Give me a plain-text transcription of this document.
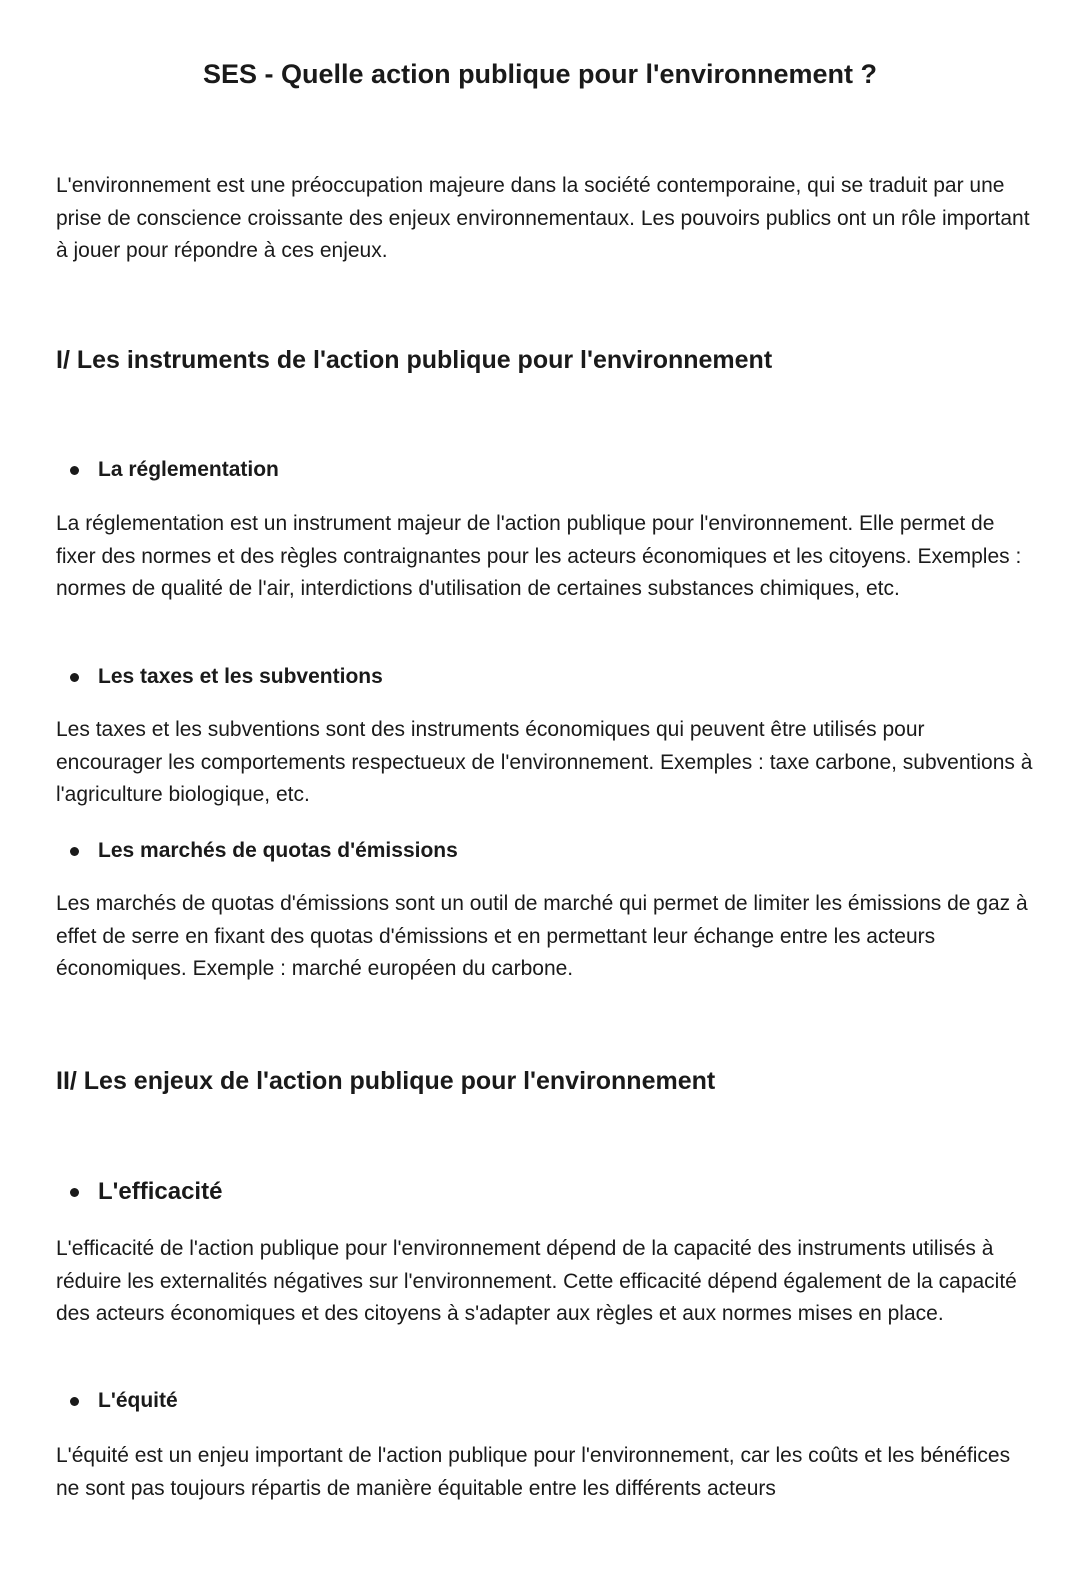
SES - Quelle action publique pour l'environnement ?

L'environnement est une préoccupation majeure dans la société contemporaine, qui se traduit par une prise de conscience croissante des enjeux environnementaux. Les pouvoirs publics ont un rôle important à jouer pour répondre à ces enjeux.

I/ Les instruments de l'action publique pour l'environnement
La réglementation

La réglementation est un instrument majeur de l'action publique pour l'environnement. Elle permet de fixer des normes et des règles contraignantes pour les acteurs économiques et les citoyens. Exemples : normes de qualité de l'air, interdictions d'utilisation de certaines substances chimiques, etc.

Les taxes et les subventions

Les taxes et les subventions sont des instruments économiques qui peuvent être utilisés pour encourager les comportements respectueux de l'environnement. Exemples : taxe carbone, subventions à l'agriculture biologique, etc.

Les marchés de quotas d'émissions

Les marchés de quotas d'émissions sont un outil de marché qui permet de limiter les émissions de gaz à effet de serre en fixant des quotas d'émissions et en permettant leur échange entre les acteurs économiques. Exemple : marché européen du carbone.

II/ Les enjeux de l'action publique pour l'environnement
L'efficacité

L'efficacité de l'action publique pour l'environnement dépend de la capacité des instruments utilisés à réduire les externalités négatives sur l'environnement. Cette efficacité dépend également de la capacité des acteurs économiques et des citoyens à s'adapter aux règles et aux normes mises en place.

L'équité

L'équité est un enjeu important de l'action publique pour l'environnement, car les coûts et les bénéfices ne sont pas toujours répartis de manière équitable entre les différents acteurs
